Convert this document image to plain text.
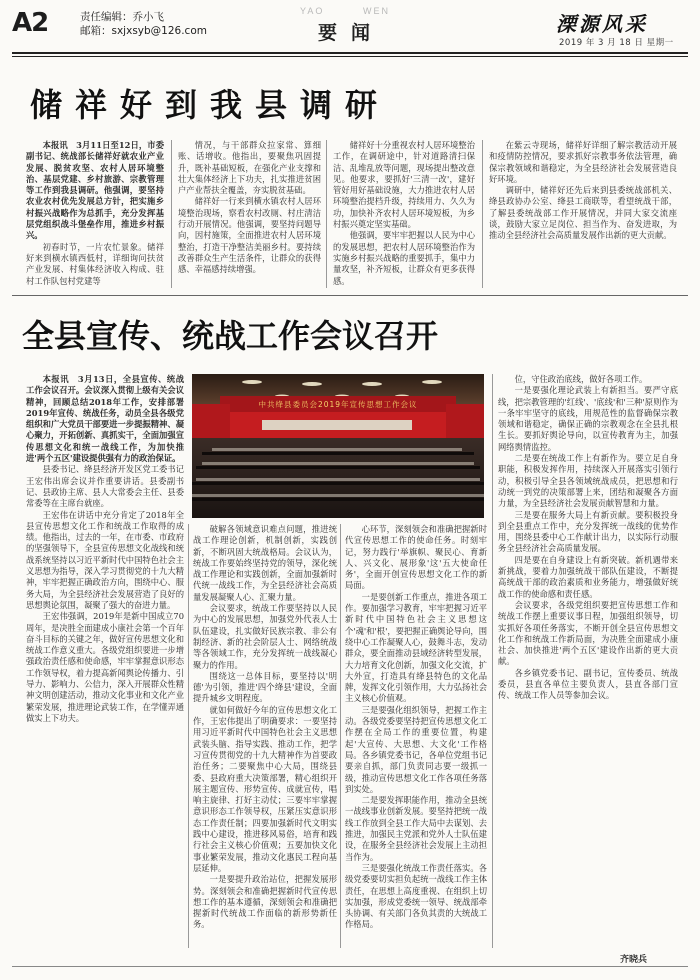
A2	责任编辑：乔小飞
邮箱：sxjxsyb@126.com
YAO	WEN
要闻	溧源风采
2019 年 3 月 18 日 星期一
储祥好到我县调研

本报讯　3月11日至12日，市委副书记、统战部长储祥好就农业产业发展、脱贫攻坚、农村人居环境整治、基层党建、乡村旅游、宗教管理等工作到我县调研。他强调，要坚持农业农村优先发展总方针，把实施乡村振兴战略作为总抓手，充分发挥基层党组织战斗堡垒作用，推进乡村振兴。

初春时节，一片农忙景象。储祥好来到横水镇西低村，详细询问扶贫产业发展、村集体经济收入构成、驻村工作队包村党建等

情况，与干部群众拉家常、算细账、话增收。他指出，要聚焦巩固提升，既补基础短板，在强化产业支撑和壮大集体经济上下功夫，扎实推进贫困户产业帮扶全覆盖，夯实脱贫基础。

储祥好一行来到横水镇农村人居环境整治现场，察看农村改厕、村庄清洁行动开展情况。他强调，要坚持问题导向，因村施策，全面推进农村人居环境整治，打造干净整洁美丽乡村。要持续改善群众生产生活条件，让群众的获得感、幸福感持续增强。

储祥好十分重视农村人居环境整治工作，在调研途中，针对道路清扫保洁、乱堆乱放等问题，现场提出整改意见。他要求，要抓好'三清一改'，建好管好用好基础设施，大力推进农村人居环境整治提档升级，持续用力、久久为功，加快补齐农村人居环境短板，为乡村振兴奠定坚实基础。

他强调，要牢牢把握以人民为中心的发展思想，把农村人居环境整治作为实施乡村振兴战略的重要抓手，集中力量攻坚，补齐短板，让群众有更多获得感。

在紫云寺现场，储祥好详细了解宗教活动开展和疫情防控情况，要求抓好宗教事务依法管理，确保宗教领域和谐稳定，为全县经济社会发展营造良好环境。

调研中，储祥好还先后来到县委统战部机关、绛县政协办公室、绛县工商联等，看望统战干部，了解县委统战部工作开展情况，并同大家交流座谈，鼓励大家立足岗位、担当作为、奋发进取，为推动全县经济社会高质量发展作出新的更大贡献。

全县宣传、统战工作会议召开

本报讯　3月13日，全县宣传、统战工作会议召开。会议深入贯彻上级有关会议精神，回顾总结2018年工作，安排部署2019年宣传、统战任务，动员全县各级党组织和广大党员干部要进一步提振精神、凝心聚力，开拓创新、真抓实干，全面加强宣传思想文化和统一战线工作，为加快推进'两个五区'建设提供强有力的政治保证。

县委书记、绛县经济开发区党工委书记王宏伟出席会议并作重要讲话。县委副书记、县政协主席、县人大常委会主任、县委常委等在主席台就座。

王宏伟在讲话中充分肯定了2018年全县宣传思想文化工作和统战工作取得的成绩。他指出，过去的一年，在市委、市政府的坚强领导下，全县宣传思想文化战线和统战系统坚持以习近平新时代中国特色社会主义思想为指导，深入学习贯彻党的十九大精神，牢牢把握正确政治方向，围绕中心、服务大局，为全县经济社会发展营造了良好的思想舆论氛围，凝聚了强大的奋进力量。

王宏伟强调，2019年是新中国成立70周年，是决胜全面建成小康社会第一个百年奋斗目标的关键之年，做好宣传思想文化和统战工作意义重大。各级党组织要进一步增强政治责任感和使命感，牢牢掌握意识形态工作领导权，着力提高新闻舆论传播力、引导力、影响力、公信力，深入开展群众性精神文明创建活动，推动文化事业和文化产业繁荣发展，推进理论武装工作，在学懂弄通做实上下功夫。

中共绛县委员会2019年宣传思想工作会议

破解各领域意识难点问题，推进统战工作理论创新，机制创新，实践创新，不断巩固大统战格局。会议认为，统战工作要始终坚持党的领导，深化统战工作理论和实践创新，全面加强新时代统一战线工作，为全县经济社会高质量发展凝聚人心、汇聚力量。

会议要求，统战工作要坚持以人民为中心的发展思想，加强党外代表人士队伍建设，扎实做好民族宗教、非公有制经济、新的社会阶层人士、网络统战等各领域工作，充分发挥统一战线凝心聚力的作用。

围绕这一总体目标，要坚持以'明德'为引领，推进'四个绛县'建设，全面提升城乡文明程度。

就如何做好今年的宣传思想文化工作，王宏伟提出了明确要求：一要坚持用习近平新时代中国特色社会主义思想武装头脑、指导实践、推动工作，把学习宣传贯彻党的十九大精神作为首要政治任务；二要聚焦中心大局，围绕县委、县政府重大决策部署，精心组织开展主题宣传、形势宣传、成就宣传，唱响主旋律、打好主动仗；三要牢牢掌握意识形态工作领导权，压紧压实意识形态工作责任制；四要加强新时代文明实践中心建设，推进移风易俗，培育和践行社会主义核心价值观；五要加快文化事业繁荣发展，推动文化惠民工程向基层延伸。

一是要提升政治站位，把握发展形势。深刻领会和准确把握新时代宣传思想工作的基本遵循，深刻领会和准确把握新时代统战工作面临的新形势新任务。

心环节，深刻领会和准确把握新时代宣传思想工作的使命任务。时刻牢记，努力践行'举旗帜、聚民心、育新人、兴文化、展形象'这'五大使命任务'，全面开创宣传思想文化工作的新局面。

一是要创新工作重点，推进各项工作。要加强学习教育，牢牢把握习近平新时代中国特色社会主义思想这个'魂'和'根'，要把握正确舆论导向，围绕中心工作凝聚人心，鼓舞斗志，发动群众，要全面推动县域经济转型发展，大力培育文化创新，加强文化交流，扩大外宣，打造具有绛县特色的文化品牌，发挥文化引领作用，大力弘扬社会主义核心价值观。

三是要强化组织领导，把握工作主动。各级党委要坚持把宣传思想文化工作摆在全局工作的重要位置，构建起'大宣传、大思想、大文化'工作格局。各乡镇党委书记，各单位党组书记要亲自抓，部门负责同志要一级抓一级，推动宣传思想文化工作各项任务落到实处。

二是要发挥职能作用，推动全县统一战线事业创新发展。要坚持把统一战线工作放到全县工作大局中去谋划、去推进，加强民主党派和党外人士队伍建设，在服务全县经济社会发展上主动担当作为。

三是要强化统战工作责任落实。各级党委要切实担负起统一战线工作主体责任，在思想上高度重视、在组织上切实加强，形成党委统一领导、统战部牵头协调、有关部门各负其责的大统战工作格局。

位，守住政治底线，做好各项工作。

一是要强化理论武装上有新担当。要严守底线，把宗教管理的'红线'、'底线'和'三种'原则作为一条牢牢坚守的底线，用规范性的监督确保宗教领域和谐稳定，确保正确的宗教观念在全县扎根生长。要抓好舆论导向，以宣传教育为主，加强网络舆情监控。

二是要在统战工作上有新作为。要立足自身职能，积极发挥作用，持续深入开展落实引领行动，积极引导全县各领域统战成员，把思想和行动统一到党的决策部署上来，团结和凝聚各方面力量，为全县经济社会发展贡献智慧和力量。

三是要在服务大局上有新贡献。要积极投身到全县重点工作中，充分发挥统一战线的优势作用，围绕县委中心工作献计出力，以实际行动服务全县经济社会高质量发展。

四是要在自身建设上有新突破。新机遇带来新挑战，要着力加强统战干部队伍建设，不断提高统战干部的政治素质和业务能力，增强做好统战工作的使命感和责任感。

会议要求，各级党组织要把宣传思想工作和统战工作摆上重要议事日程，加强组织领导，切实抓好各项任务落实，不断开创全县宣传思想文化工作和统战工作新局面，为决胜全面建成小康社会、加快推进'两个五区'建设作出新的更大贡献。

各乡镇党委书记、副书记，宣传委员、统战委员，县直各单位主要负责人，县直各部门宣传、统战工作人员等参加会议。

齐晓兵
